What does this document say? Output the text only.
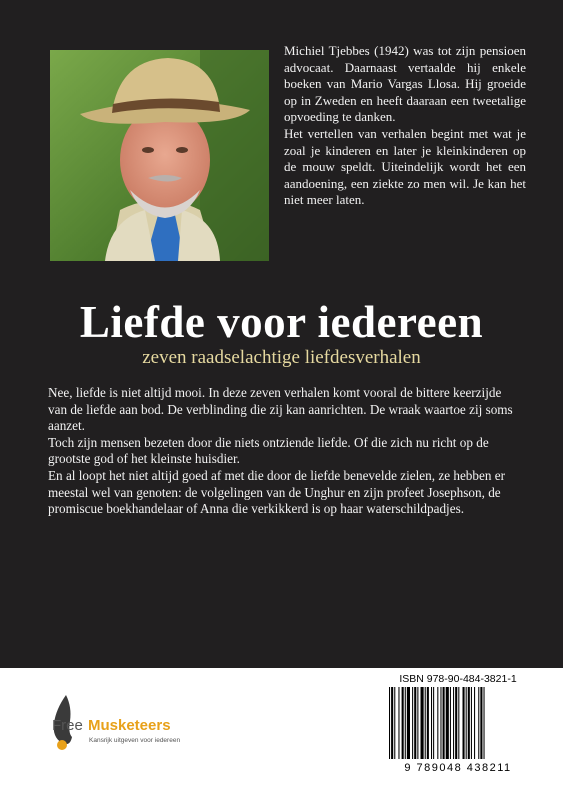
Michiel Tjebbes (1942) was tot zijn pensioen advocaat. Daarnaast vertaalde hij enkele boeken van Mario Vargas Llosa. Hij groeide op in Zweden en heeft daaraan een tweetalige opvoeding te danken.

Het vertellen van verhalen begint met wat je zoal je kinderen en later je kleinkinderen op de mouw speldt. Uiteindelijk wordt het een aandoening, een ziekte zo men wil. Je kan het niet meer laten.

Liefde voor iedereen
zeven raadselachtige liefdesverhalen

Nee, liefde is niet altijd mooi. In deze zeven verhalen komt vooral de bittere keerzijde van de liefde aan bod. De verblinding die zij kan aanrichten. De wraak waartoe zij soms aanzet.

Toch zijn mensen bezeten door die niets ontziende liefde. Of die zich nu richt op de grootste god of het kleinste huisdier.

En al loopt het niet altijd goed af met die door de liefde benevelde zielen, ze hebben er meestal wel van genoten: de volgelingen van de Unghur en zijn profeet Josephson, de promiscue boekhandelaar of Anna die verkikkerd is op haar waterschildpadjes.

Free Musketeers
Kansrijk uitgeven voor iedereen
ISBN 978-90-484-3821-1
9 789048 438211
